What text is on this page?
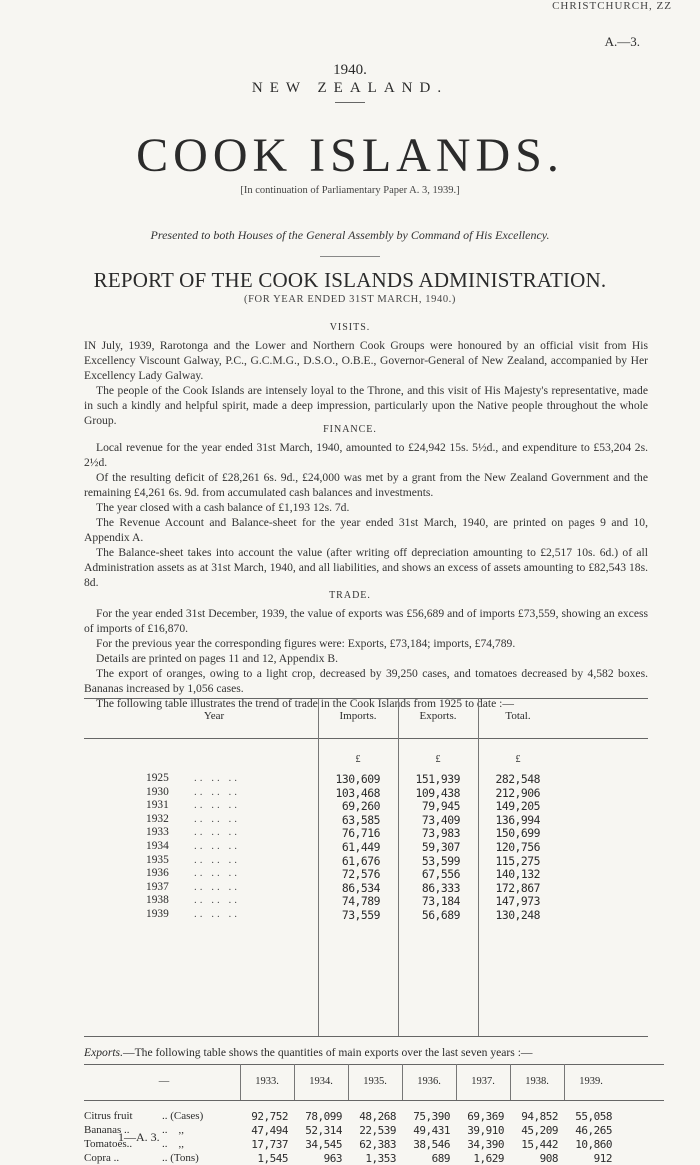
CHRISTCHURCH, ZZ
A.—3.
1940.
NEW ZEALAND.
COOK ISLANDS.
[In continuation of Parliamentary Paper A. 3, 1939.]
Presented to both Houses of the General Assembly by Command of His Excellency.
REPORT OF THE COOK ISLANDS ADMINISTRATION.
(FOR YEAR ENDED 31ST MARCH, 1940.)
VISITS.

IN July, 1939, Rarotonga and the Lower and Northern Cook Groups were honoured by an official visit from His Excellency Viscount Galway, P.C., G.C.M.G., D.S.O., O.B.E., Governor-General of New Zealand, accompanied by Her Excellency Lady Galway.

The people of the Cook Islands are intensely loyal to the Throne, and this visit of His Majesty's representative, made in such a kindly and helpful spirit, made a deep impression, particularly upon the Native people throughout the whole Group.

FINANCE.

Local revenue for the year ended 31st March, 1940, amounted to £24,942 15s. 5½d., and expenditure to £53,204 2s. 2½d.

Of the resulting deficit of £28,261 6s. 9d., £24,000 was met by a grant from the New Zealand Government and the remaining £4,261 6s. 9d. from accumulated cash balances and investments.

The year closed with a cash balance of £1,193 12s. 7d.

The Revenue Account and Balance-sheet for the year ended 31st March, 1940, are printed on pages 9 and 10, Appendix A.

The Balance-sheet takes into account the value (after writing off depreciation amounting to £2,517 10s. 6d.) of all Administration assets as at 31st March, 1940, and all liabilities, and shows an excess of assets amounting to £82,543 18s. 8d.

TRADE.

For the year ended 31st December, 1939, the value of exports was £56,689 and of imports £73,559, showing an excess of imports of £16,870.

For the previous year the corresponding figures were: Exports, £73,184; imports, £74,789.

Details are printed on pages 11 and 12, Appendix B.

The export of oranges, owing to a light crop, decreased by 39,250 cases, and tomatoes decreased by 4,582 boxes. Bananas increased by 1,056 cases.

The following table illustrates the trend of trade in the Cook Islands from 1925 to date :—

Year	Imports.	Exports.	Total.
£	£	£
1925 .. .. ..	130,609	151,939	282,548
1930 .. .. ..	103,468	109,438	212,906
1931 .. .. ..	69,260	79,945	149,205
1932 .. .. ..	63,585	73,409	136,994
1933 .. .. ..	76,716	73,983	150,699
1934 .. .. ..	61,449	59,307	120,756
1935 .. .. ..	61,676	53,599	115,275
1936 .. .. ..	72,576	67,556	140,132
1937 .. .. ..	86,534	86,333	172,867
1938 .. .. ..	74,789	73,184	147,973
1939 .. .. ..	73,559	56,689	130,248
Exports.—The following table shows the quantities of main exports over the last seven years :—
—	1933.	1934.	1935.	1936.	1937.	1938.	1939.
Citrus fruit	.. (Cases)	92,752	78,099	48,268	75,390	69,369	94,852	55,058
Bananas ..	..    ,,	47,494	52,314	22,539	49,431	39,910	45,209	46,265
Tomatoes..	..    ,,	17,737	34,545	62,383	38,546	34,390	15,442	10,860
Copra ..	.. (Tons)	1,545	963	1,353	689	1,629	908	912
1—A. 3.
